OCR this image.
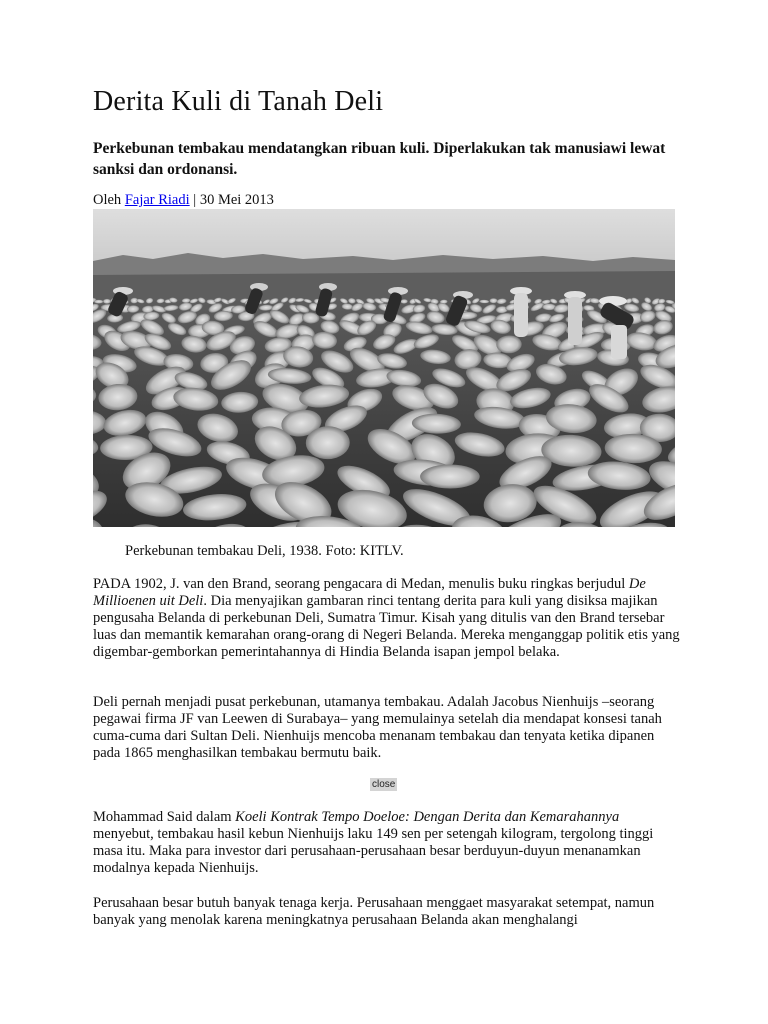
Derita Kuli di Tanah Deli

Perkebunan tembakau mendatangkan ribuan kuli. Diperlakukan tak manusiawi lewat sanksi dan ordonansi.

Oleh Fajar Riadi | 30 Mei 2013

Perkebunan tembakau Deli, 1938. Foto: KITLV.

PADA 1902, J. van den Brand, seorang pengacara di Medan, menulis buku ringkas berjudul De Millioenen uit Deli. Dia menyajikan gambaran rinci tentang derita para kuli yang disiksa majikan pengusaha Belanda di perkebunan Deli, Sumatra Timur. Kisah yang ditulis van den Brand tersebar luas dan memantik kemarahan orang-orang di Negeri Belanda. Mereka menganggap politik etis yang digembar-gemborkan pemerintahannya di Hindia Belanda isapan jempol belaka.

Deli pernah menjadi pusat perkebunan, utamanya tembakau. Adalah Jacobus Nienhuijs –seorang pegawai firma JF van Leewen di Surabaya– yang memulainya setelah dia mendapat konsesi tanah cuma-cuma dari Sultan Deli. Nienhuijs mencoba menanam tembakau dan tenyata ketika dipanen pada 1865 menghasilkan tembakau bermutu baik.

close

Mohammad Said dalam Koeli Kontrak Tempo Doeloe: Dengan Derita dan Kemarahannya menyebut, tembakau hasil kebun Nienhuijs laku 149 sen per setengah kilogram, tergolong tinggi masa itu. Maka para investor dari perusahaan-perusahaan besar berduyun-duyun menanamkan modalnya kepada Nienhuijs.

Perusahaan besar butuh banyak tenaga kerja. Perusahaan menggaet masyarakat setempat, namun banyak yang menolak karena meningkatnya perusahaan Belanda akan menghalangi
